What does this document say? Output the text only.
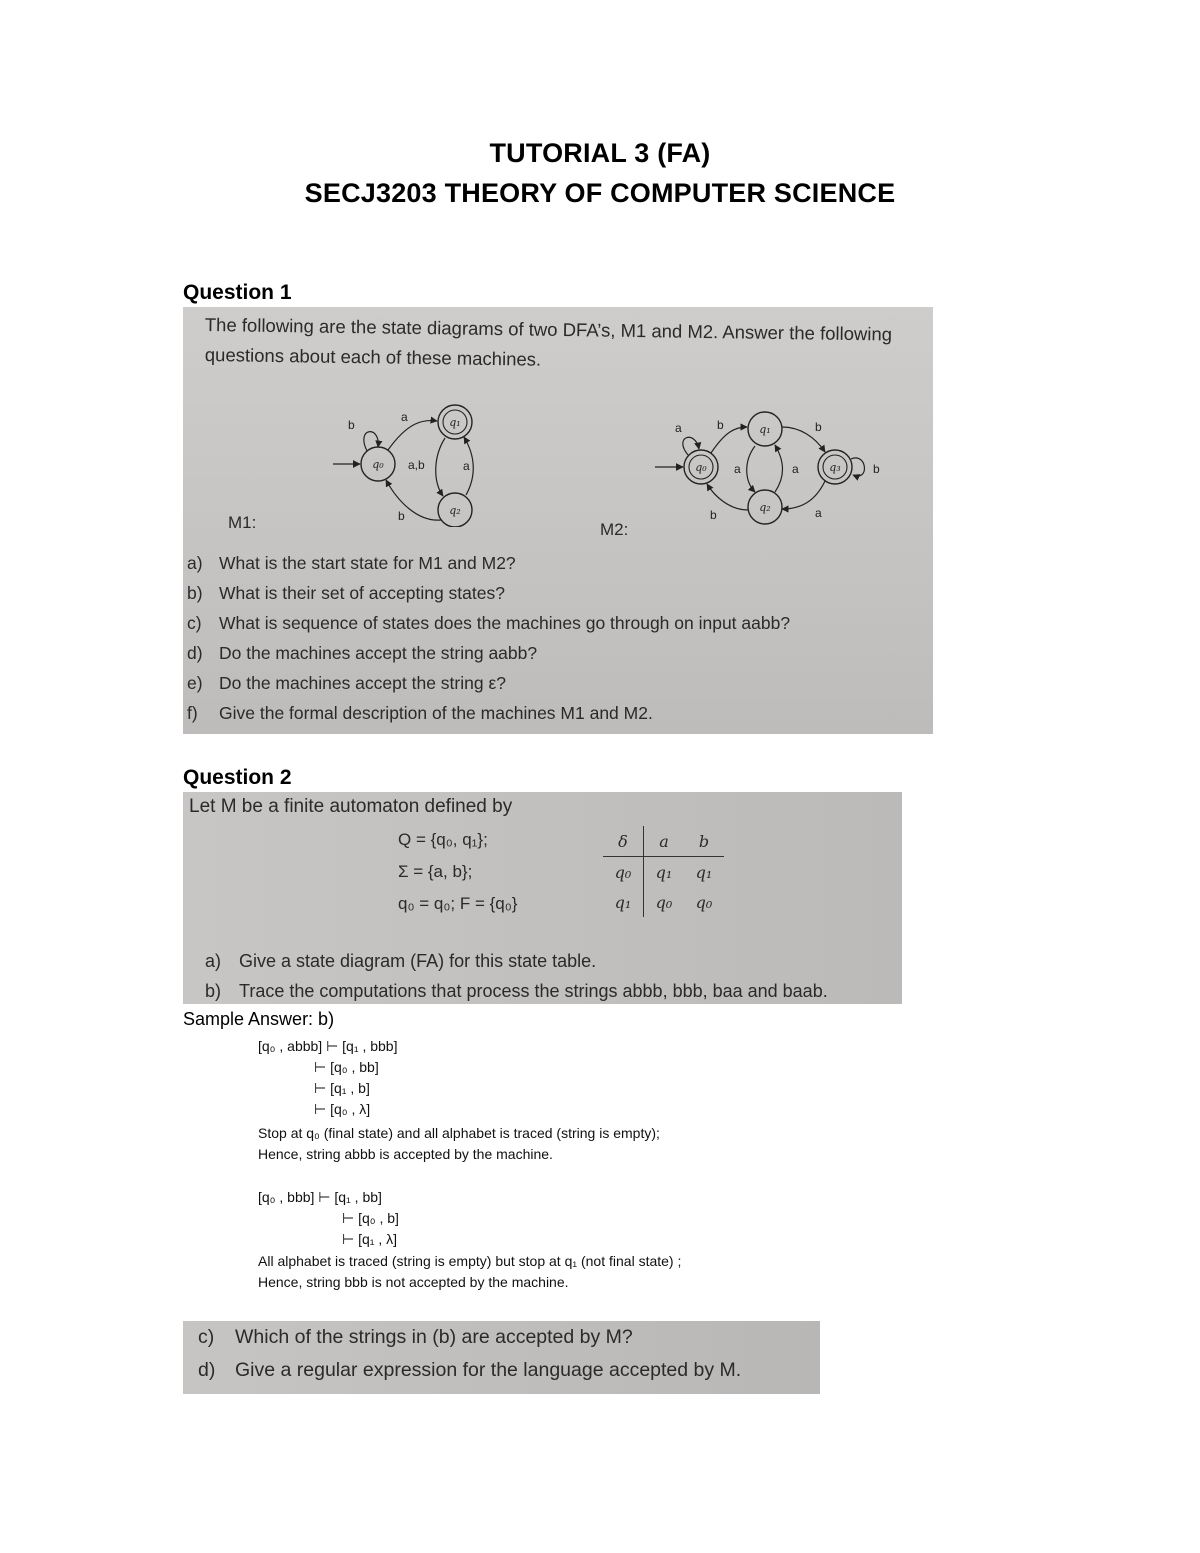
TUTORIAL 3 (FA)
SECJ3203 THEORY OF COMPUTER SCIENCE
Question 1
The following are the state diagrams of two DFA’s, M1 and M2. Answer the following
questions about each of these machines.
q₀
q₁
q₂
b
a
a,b	a
b
M1:	M2:
q₀
q₁
q₂
q₃
a	b	b
a	a
b	a
b
a) What is the start state for M1 and M2?
b) What is their set of accepting states?
c) What is sequence of states does the machines go through on input aabb?
d) Do the machines accept the string aabb?
e) Do the machines accept the string ε?
f) Give the formal description of the machines M1 and M2.
Question 2
Let M be a finite automaton defined by
Q = {q₀, q₁};
Σ = {a, b};
q₀ = q₀; F = {q₀}
δ	a	b
q₀	q₁	q₁
q₁	q₀	q₀
a) Give a state diagram (FA) for this state table.
b) Trace the computations that process the strings abbb, bbb, baa and baab.
Sample Answer: b)
[q₀ , abbb] ⊢ [q₁ , bbb]
⊢ [q₀ , bb]
⊢ [q₁ , b]
⊢ [q₀ , λ]
Stop at q₀ (final state) and all alphabet is traced (string is empty);
Hence, string abbb is accepted by the machine.
[q₀ , bbb] ⊢ [q₁ , bb]
⊢ [q₀ , b]
⊢ [q₁ , λ]
All alphabet is traced (string is empty) but stop at q₁ (not final state) ;
Hence, string bbb is not accepted by the machine.
c) Which of the strings in (b) are accepted by M?
d) Give a regular expression for the language accepted by M.
